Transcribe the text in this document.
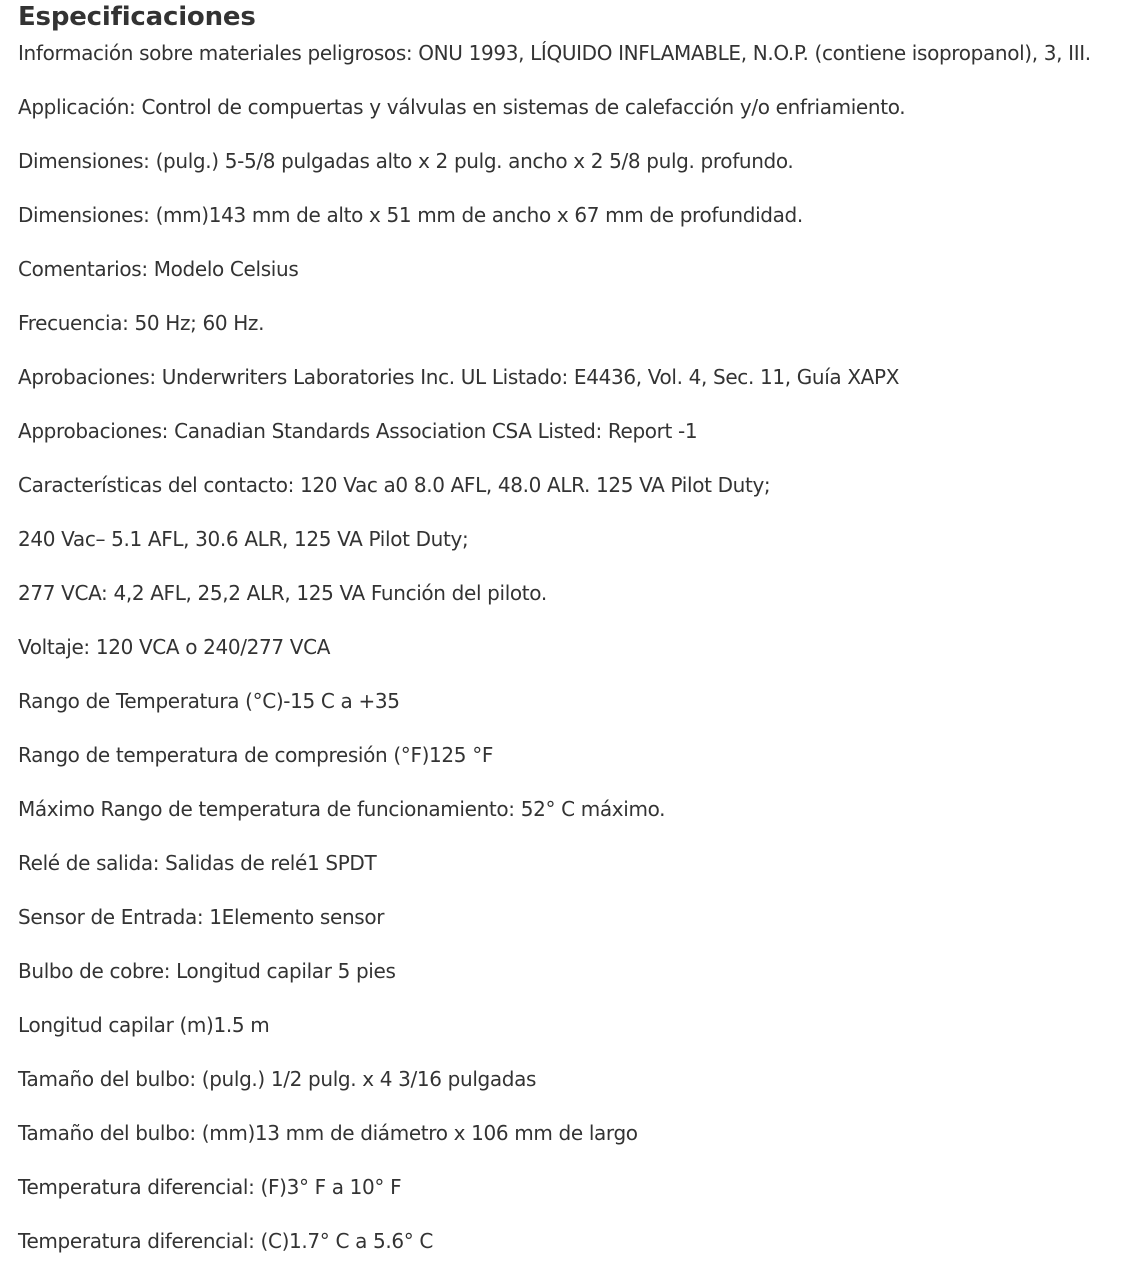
Especificaciones
Información sobre materiales peligrosos: ONU 1993, LÍQUIDO INFLAMABLE, N.O.P. (contiene isopropanol), 3, III.
Applicación: Control de compuertas y válvulas en sistemas de calefacción y/o enfriamiento.
Dimensiones: (pulg.) 5-5/8 pulgadas alto x 2 pulg. ancho x 2 5/8 pulg. profundo.
Dimensiones: (mm)143 mm de alto x 51 mm de ancho x 67 mm de profundidad.
Comentarios: Modelo Celsius
Frecuencia: 50 Hz; 60 Hz.
Aprobaciones: Underwriters Laboratories Inc. UL Listado: E4436, Vol. 4, Sec. 11, Guía XAPX
Approbaciones: Canadian Standards Association CSA Listed: Report -1
Características del contacto: 120 Vac a0 8.0 AFL, 48.0 ALR. 125 VA Pilot Duty;
240 Vac– 5.1 AFL, 30.6 ALR, 125 VA Pilot Duty;
277 VCA: 4,2 AFL, 25,2 ALR, 125 VA Función del piloto.
Voltaje: 120 VCA o 240/277 VCA
Rango de Temperatura (°C)-15 C a +35
Rango de temperatura de compresión (°F)125 °F
Máximo Rango de temperatura de funcionamiento: 52° C máximo.
Relé de salida: Salidas de relé1 SPDT
Sensor de Entrada: 1Elemento sensor
Bulbo de cobre: Longitud capilar 5 pies
Longitud capilar (m)1.5 m
Tamaño del bulbo: (pulg.) 1/2 pulg. x 4 3/16 pulgadas
Tamaño del bulbo: (mm)13 mm de diámetro x 106 mm de largo
Temperatura diferencial: (F)3° F a 10° F
Temperatura diferencial: (C)1.7° C a 5.6° C
